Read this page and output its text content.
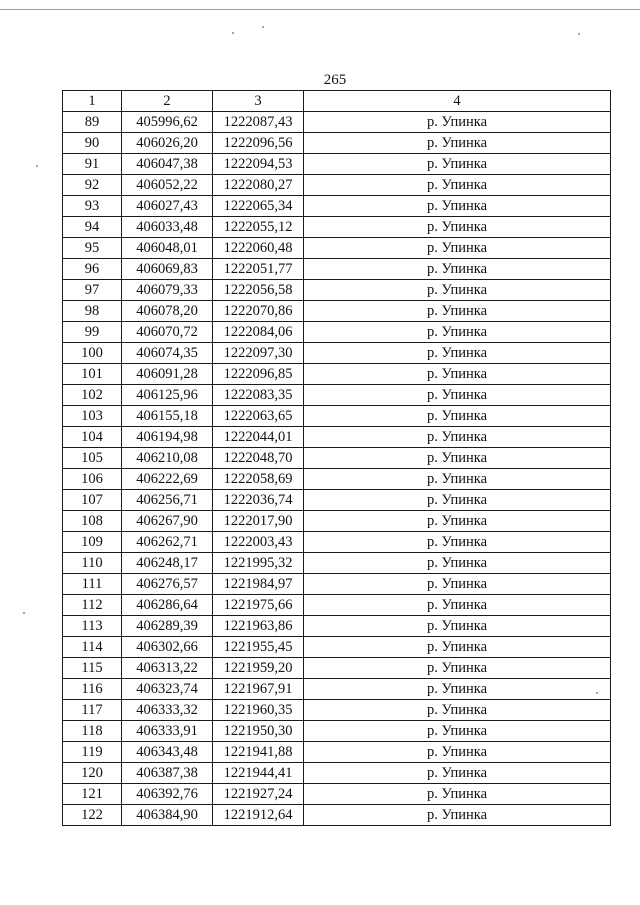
265
1	2	3	4
89	405996,62	1222087,43	р. Упинка
90	406026,20	1222096,56	р. Упинка
91	406047,38	1222094,53	р. Упинка
92	406052,22	1222080,27	р. Упинка
93	406027,43	1222065,34	р. Упинка
94	406033,48	1222055,12	р. Упинка
95	406048,01	1222060,48	р. Упинка
96	406069,83	1222051,77	р. Упинка
97	406079,33	1222056,58	р. Упинка
98	406078,20	1222070,86	р. Упинка
99	406070,72	1222084,06	р. Упинка
100	406074,35	1222097,30	р. Упинка
101	406091,28	1222096,85	р. Упинка
102	406125,96	1222083,35	р. Упинка
103	406155,18	1222063,65	р. Упинка
104	406194,98	1222044,01	р. Упинка
105	406210,08	1222048,70	р. Упинка
106	406222,69	1222058,69	р. Упинка
107	406256,71	1222036,74	р. Упинка
108	406267,90	1222017,90	р. Упинка
109	406262,71	1222003,43	р. Упинка
110	406248,17	1221995,32	р. Упинка
111	406276,57	1221984,97	р. Упинка
112	406286,64	1221975,66	р. Упинка
113	406289,39	1221963,86	р. Упинка
114	406302,66	1221955,45	р. Упинка
115	406313,22	1221959,20	р. Упинка
116	406323,74	1221967,91	р. Упинка
117	406333,32	1221960,35	р. Упинка
118	406333,91	1221950,30	р. Упинка
119	406343,48	1221941,88	р. Упинка
120	406387,38	1221944,41	р. Упинка
121	406392,76	1221927,24	р. Упинка
122	406384,90	1221912,64	р. Упинка
